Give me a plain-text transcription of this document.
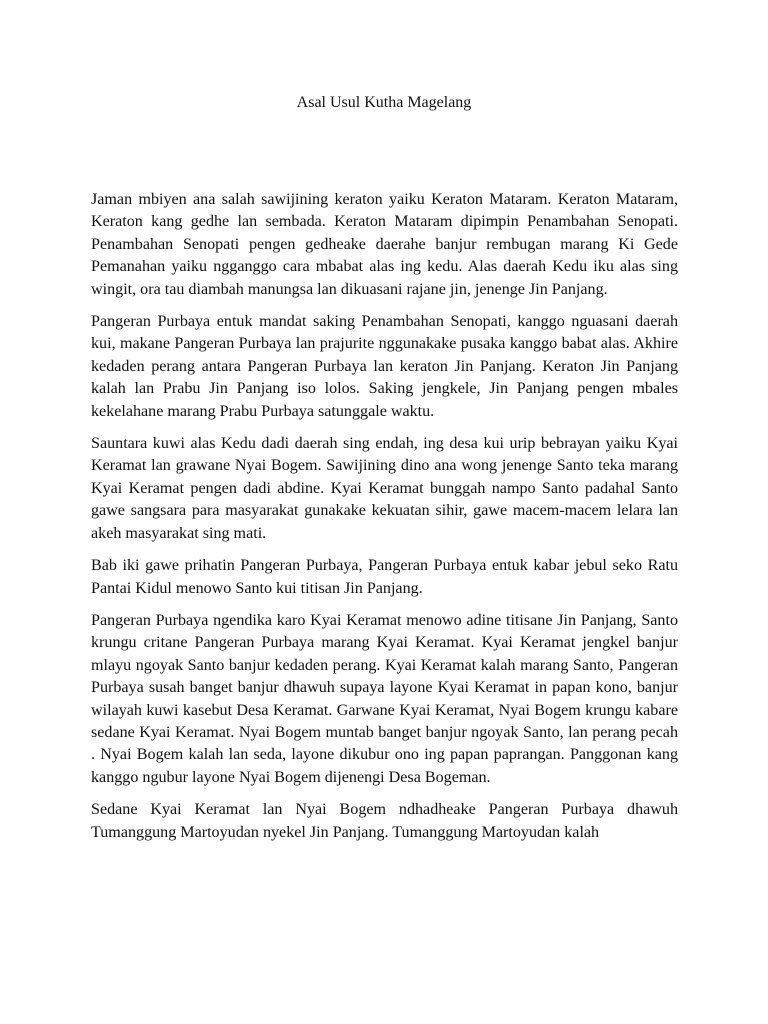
Asal Usul Kutha Magelang

Jaman mbiyen ana salah sawijining keraton yaiku Keraton Mataram. Keraton Mataram, Keraton kang gedhe lan sembada. Keraton Mataram dipimpin Penambahan Senopati. Penambahan Senopati pengen gedheake daerahe banjur rembugan marang Ki Gede Pemanahan yaiku ngganggo cara mbabat alas ing kedu. Alas daerah Kedu iku alas sing wingit, ora tau diambah manungsa lan dikuasani rajane jin, jenenge Jin Panjang.

Pangeran Purbaya entuk mandat saking Penambahan Senopati, kanggo nguasani daerah kui, makane Pangeran Purbaya lan prajurite nggunakake pusaka kanggo babat alas. Akhire kedaden perang antara Pangeran Purbaya lan keraton Jin Panjang. Keraton Jin Panjang kalah lan Prabu Jin Panjang iso lolos. Saking jengkele, Jin Panjang pengen mbales kekelahane marang Prabu Purbaya satunggale waktu.

Sauntara kuwi alas Kedu dadi daerah sing endah, ing desa kui urip bebrayan yaiku Kyai Keramat lan grawane Nyai Bogem. Sawijining dino ana wong jenenge Santo teka marang Kyai Keramat pengen dadi abdine. Kyai Keramat bunggah nampo Santo padahal Santo gawe sangsara para masyarakat gunakake kekuatan sihir, gawe macem-macem lelara lan akeh masyarakat sing mati.

Bab iki gawe prihatin Pangeran Purbaya, Pangeran Purbaya entuk kabar jebul seko Ratu Pantai Kidul menowo Santo kui titisan Jin Panjang.

Pangeran Purbaya ngendika karo Kyai Keramat menowo adine titisane Jin Panjang, Santo krungu critane Pangeran Purbaya marang Kyai Keramat. Kyai Keramat jengkel banjur mlayu ngoyak Santo banjur kedaden perang. Kyai Keramat kalah marang Santo, Pangeran Purbaya susah banget banjur dhawuh supaya layone Kyai Keramat in papan kono, banjur wilayah kuwi kasebut Desa Keramat. Garwane Kyai Keramat, Nyai Bogem krungu kabare sedane Kyai Keramat. Nyai Bogem muntab banget banjur ngoyak Santo, lan perang pecah . Nyai Bogem kalah lan seda, layone dikubur ono ing papan paprangan. Panggonan kang kanggo ngubur layone Nyai Bogem dijenengi Desa Bogeman.

Sedane Kyai Keramat lan Nyai Bogem ndhadheake Pangeran Purbaya dhawuh Tumanggung Martoyudan nyekel Jin Panjang. Tumanggung Martoyudan kalah
